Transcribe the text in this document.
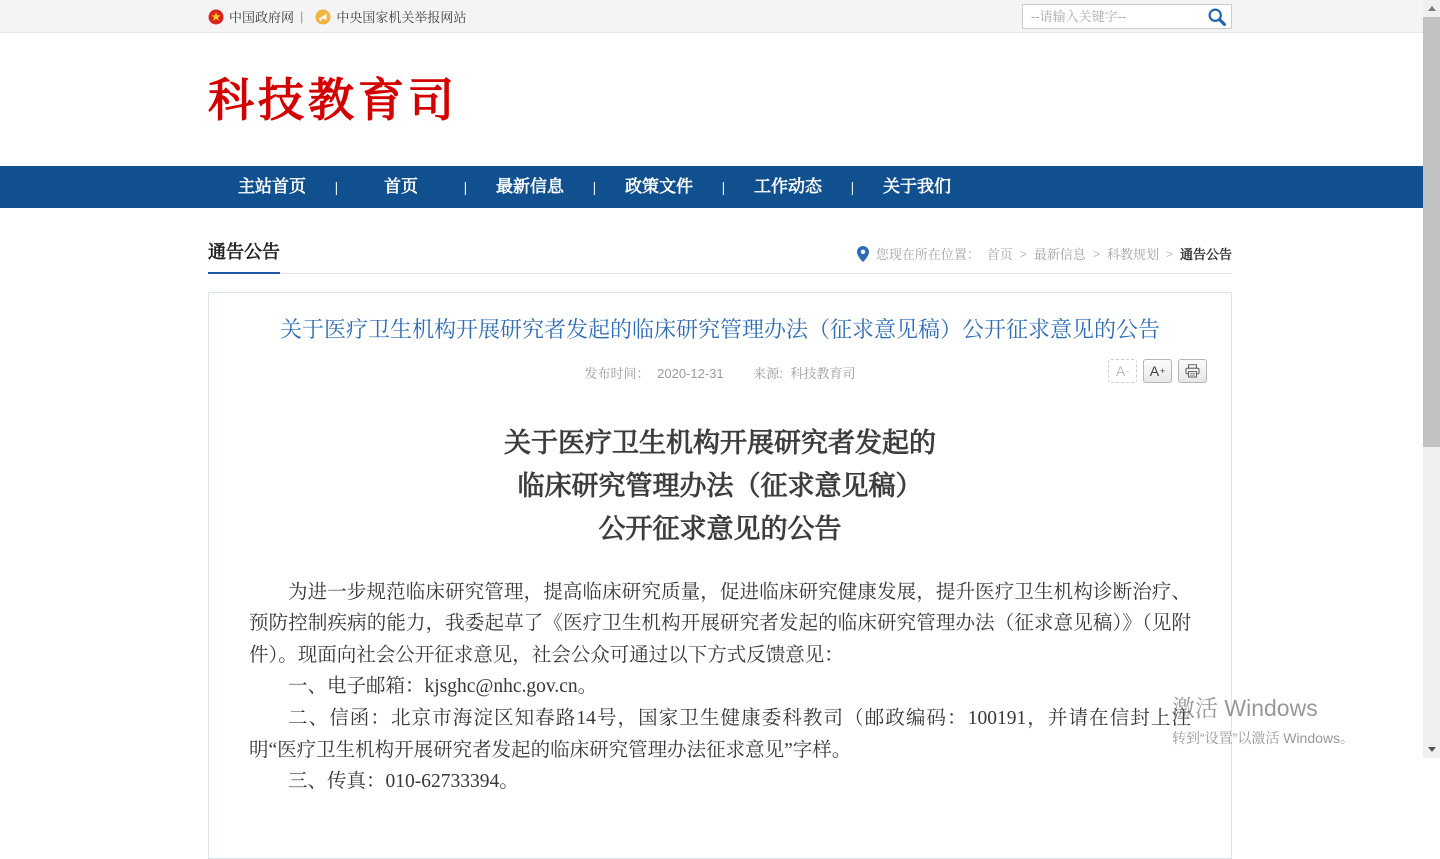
中国政府网 |	中央国家机关举报网站
--请输入关键字--
科技教育司
主站首页	|	首页	|	最新信息	|	政策文件	|	工作动态	|	关于我们
通告公告	您现在所在位置： 首页 > 最新信息 > 科教规划 > 通告公告
关于医疗卫生机构开展研究者发起的临床研究管理办法（征求意见稿）公开征求意见的公告
发布时间： 2020-12-31 来源: 科技教育司	A - A +
关于医疗卫生机构开展研究者发起的
临床研究管理办法（征求意见稿）
公开征求意见的公告

为进一步规范临床研究管理，提高临床研究质量，促进临床研究健康发展，提升医疗卫生机构诊断治疗、预防控制疾病的能力，我委起草了《医疗卫生机构开展研究者发起的临床研究管理办法（征求意见稿）》（见附件）。现面向社会公开征求意见，社会公众可通过以下方式反馈意见：

一、电子邮箱：kjsghc@nhc.gov.cn。

二、信函：北京市海淀区知春路14号，国家卫生健康委科教司（邮政编码：100191，并请在信封上注明“医疗卫生机构开展研究者发起的临床研究管理办法征求意见”字样。

三、传真：010-62733394。

激活 Windows
转到“设置”以激活 Windows。
